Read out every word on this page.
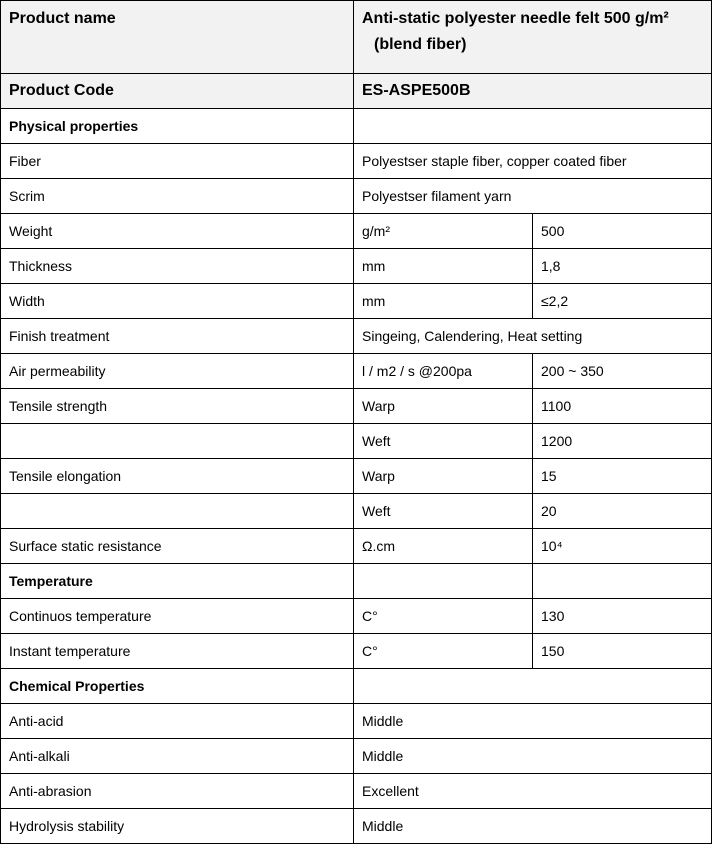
Product name	Anti-static polyester needle felt 500 g/m²
(blend fiber)	

Product Code	ES-ASPE500B	
Physical properties		
Fiber	Polyestser staple fiber, copper coated fiber	
Scrim	Polyestser filament yarn	
Weight	g/m²	500
Thickness	mm	1,8
Width	mm	≤2,2
Finish treatment	Singeing, Calendering, Heat setting	
Air permeability	l / m2 / s @200pa	200 ~ 350
Tensile strength	Warp	1100
	Weft	1200
Tensile elongation	Warp	15
	Weft	20
Surface static resistance	Ω.cm	10⁴
Temperature		
Continuos temperature	C°	130
Instant temperature	C°	150
Chemical Properties		
Anti-acid	Middle	
Anti-alkali	Middle	
Anti-abrasion	Excellent	
Hydrolysis stability	Middle	
